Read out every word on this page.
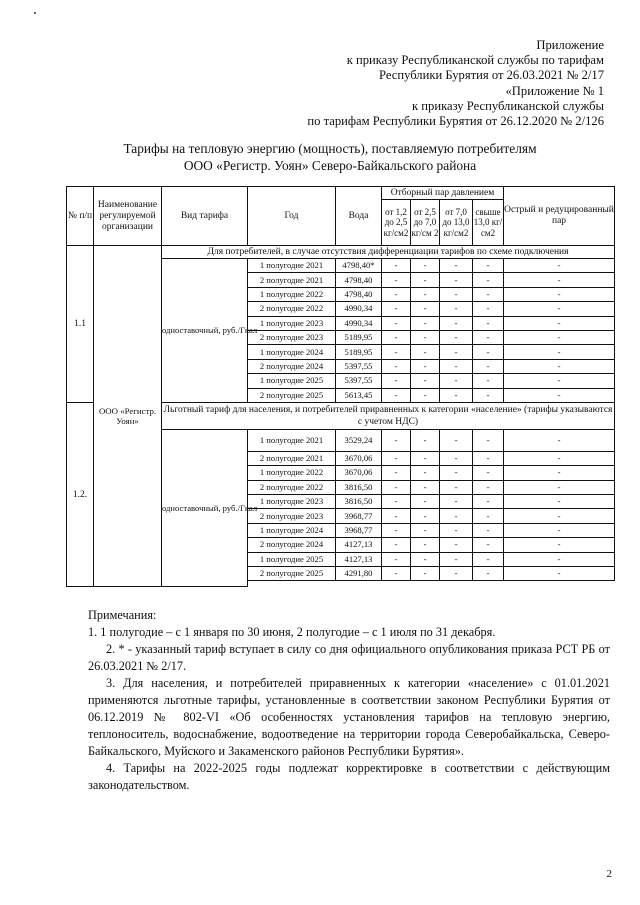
Приложение
к приказу Республиканской службы по тарифам
Республики Бурятия от 26.03.2021 № 2/17
«Приложение № 1
к приказу Республиканской службы
по тарифам Республики Бурятия от 26.12.2020 № 2/126
Тарифы на тепловую энергию (мощность), поставляемую потребителям
ООО «Регистр. Уоян» Северо-Байкальского района
№ п/п	Наименование регулируемой организации	Вид тарифа	Год	Вода	Отборный пар давлением				Острый и редуцированный пар
					от 1,2 до 2,5 кг/см2	от 2,5 до 7,0 кг/см 2	от 7,0 до 13,0 кг/см2	свыше 13,0 кг/см2	
1.1	ООО «Регистр. Уоян»	Для потребителей, в случае отсутствия дифференциации тарифов по схеме подключения							
		одноставочный, руб./Гкал	1 полугодие 2021	4798,40*	-	-	-	-	-
			2 полугодие 2021	4798,40	-	-	-	-	-
			1 полугодие 2022	4798,40	-	-	-	-	-
			2 полугодие 2022	4990,34	-	-	-	-	-
			1 полугодие 2023	4990,34	-	-	-	-	-
			2 полугодие 2023	5189,95	-	-	-	-	-
			1 полугодие 2024	5189,95	-	-	-	-	-
			2 полугодие 2024	5397,55	-	-	-	-	-
			1 полугодие 2025	5397,55	-	-	-	-	-
			2 полугодие 2025	5613,45	-	-	-	-	-
1.2.		Льготный тариф для населения, и потребителей приравненных к категории «население» (тарифы указываются с учетом НДС)							
		одноставочный, руб./Гкал	1 полугодие 2021	3529,24	-	-	-	-	-
			2 полугодие 2021	3670,06	-	-	-	-	-
			1 полугодие 2022	3670,06	-	-	-	-	-
			2 полугодие 2022	3816,50	-	-	-	-	-
			1 полугодие 2023	3816,50	-	-	-	-	-
			2 полугодие 2023	3968,77	-	-	-	-	-
			1 полугодие 2024	3968,77	-	-	-	-	-
			2 полугодие 2024	4127,13	-	-	-	-	-
			1 полугодие 2025	4127,13	-	-	-	-	-
			2 полугодие 2025	4291,80	-	-	-	-	-

Примечания:

1. 1 полугодие – с 1 января по 30 июня, 2 полугодие – с 1 июля по 31 декабря.

2. * - указанный тариф вступает в силу со дня официального опубликования приказа РСТ РБ от 26.03.2021 № 2/17.

3. Для населения, и потребителей приравненных к категории «население» с 01.01.2021 применяются льготные тарифы, установленные в соответствии законом Республики Бурятия от 06.12.2019 № 802-VI «Об особенностях установления тарифов на тепловую энергию, теплоноситель, водоснабжение, водоотведение на территории города Северобайкальска, Северо-Байкальского, Муйского и Закаменского районов Республики Бурятия».

4. Тарифы на 2022-2025 годы подлежат корректировке в соответствии с действующим законодательством.

2
